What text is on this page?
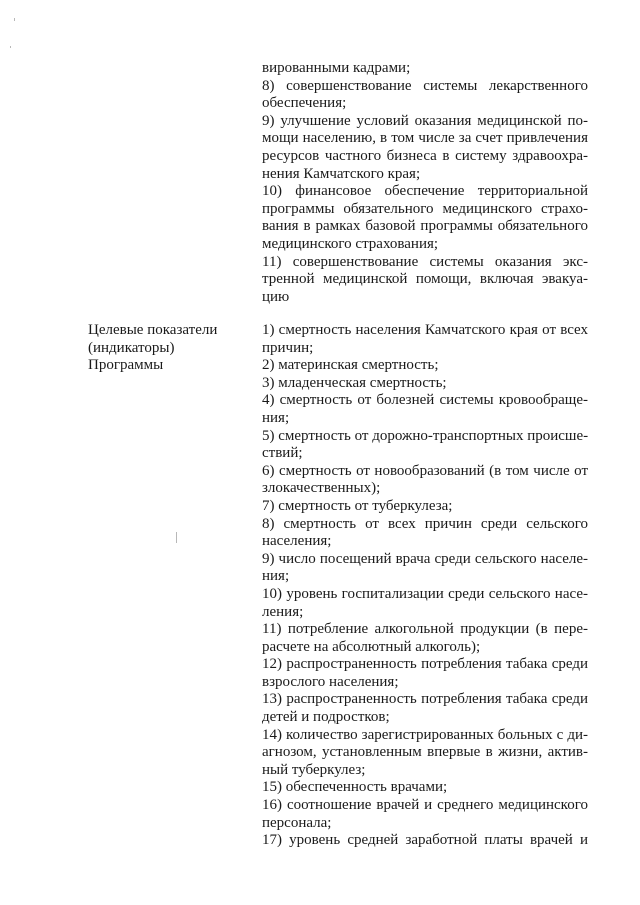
вированными кадрами;
8) совершенствование системы лекарственного
обеспечения;
9) улучшение условий оказания медицинской по-
мощи населению, в том числе за счет привлечения
ресурсов частного бизнеса в систему здравоохра-
нения Камчатского края;
10) финансовое обеспечение территориальной
программы обязательного медицинского страхо-
вания в рамках базовой программы обязательного
медицинского страхования;
11) совершенствование системы оказания экс-
тренной медицинской помощи, включая эвакуа-
цию
Целевые показатели
(индикаторы)
Программы
1) смертность населения Камчатского края от всех
причин;
2) материнская смертность;
3) младенческая смертность;
4) смертность от болезней системы кровообраще-
ния;
5) смертность от дорожно-транспортных происше-
ствий;
6) смертность от новообразований (в том числе от
злокачественных);
7) смертность от туберкулеза;
8) смертность от всех причин среди сельского
населения;
9) число посещений врача среди сельского населе-
ния;
10) уровень госпитализации среди сельского насе-
ления;
11) потребление алкогольной продукции (в пере-
расчете на абсолютный алкоголь);
12) распространенность потребления табака среди
взрослого населения;
13) распространенность потребления табака среди
детей и подростков;
14) количество зарегистрированных больных с ди-
агнозом, установленным впервые в жизни, актив-
ный туберкулез;
15) обеспеченность врачами;
16) соотношение врачей и среднего медицинского
персонала;
17) уровень средней заработной платы врачей и
